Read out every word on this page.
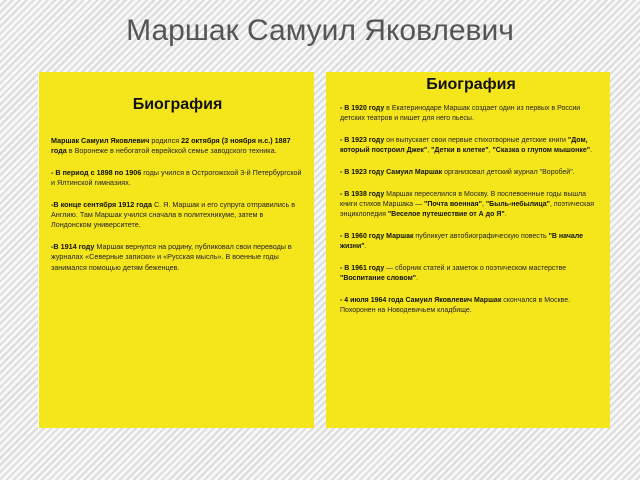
Маршак Самуил Яковлевич
Биография

Маршак Самуил Яковлевич родился 22 октября (3 ноября н.с.) 1887 года в Воронеже в небогатой еврейской семье заводского техника.

- В период с 1898 по 1906 годы учился в Острогожской 3-й Петербургской и Ялтинской гимназиях.

-В конце сентября 1912 года С. Я. Маршак и его супруга отправились в Англию. Там Маршак учился сначала в политехникуме, затем в Лондонском университете.

-В 1914 году Маршак вернулся на родину, публиковал свои переводы в журналах «Северные записки» и «Русская мысль». В военные годы занимался помощью детям беженцев.

Биография

- В 1920 году в Екатеринодаре Маршак создает один из первых в России детских театров и пишет для него пьесы.

- В 1923 году он выпускает свои первые стихотворные детские книги "Дом, который построил Джек", "Детки в клетке", "Сказка о глупом мышонке".

- В 1923 году Самуил Маршак организовал детский журнал "Воробей".

- В 1938 году Маршак переселился в Москву. В послевоенные годы вышла книги стихов Маршака — "Почта военная", "Быль-небылица", поэтическая энциклопедия "Веселое путешествие от А до Я".

- В 1960 году Маршак публикует автобиографическую повесть "В начале жизни".

- В 1961 году — сборник статей и заметок о поэтическом мастерстве "Воспитание словом".

- 4 июля 1964 года Самуил Яковлевич Маршак скончался в Москве. Похоронен на Новодевичьем кладбище.
